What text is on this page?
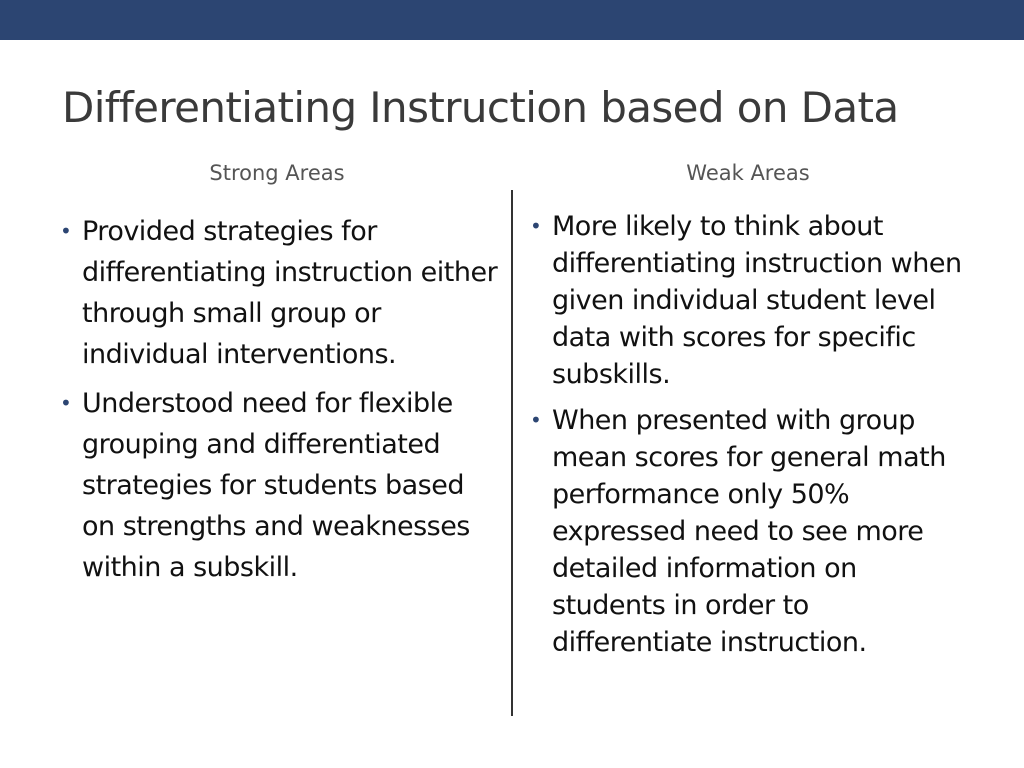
Differentiating Instruction based on Data
Strong Areas	Weak Areas
• Provided strategies for differentiating instruction either through small group or individual interventions.
• Understood need for flexible grouping and differentiated strategies for students based on strengths and weaknesses within a subskill.
• More likely to think about differentiating instruction when given individual student level data with scores for specific subskills.
• When presented with group mean scores for general math performance only 50% expressed need to see more detailed information on students in order to differentiate instruction.
